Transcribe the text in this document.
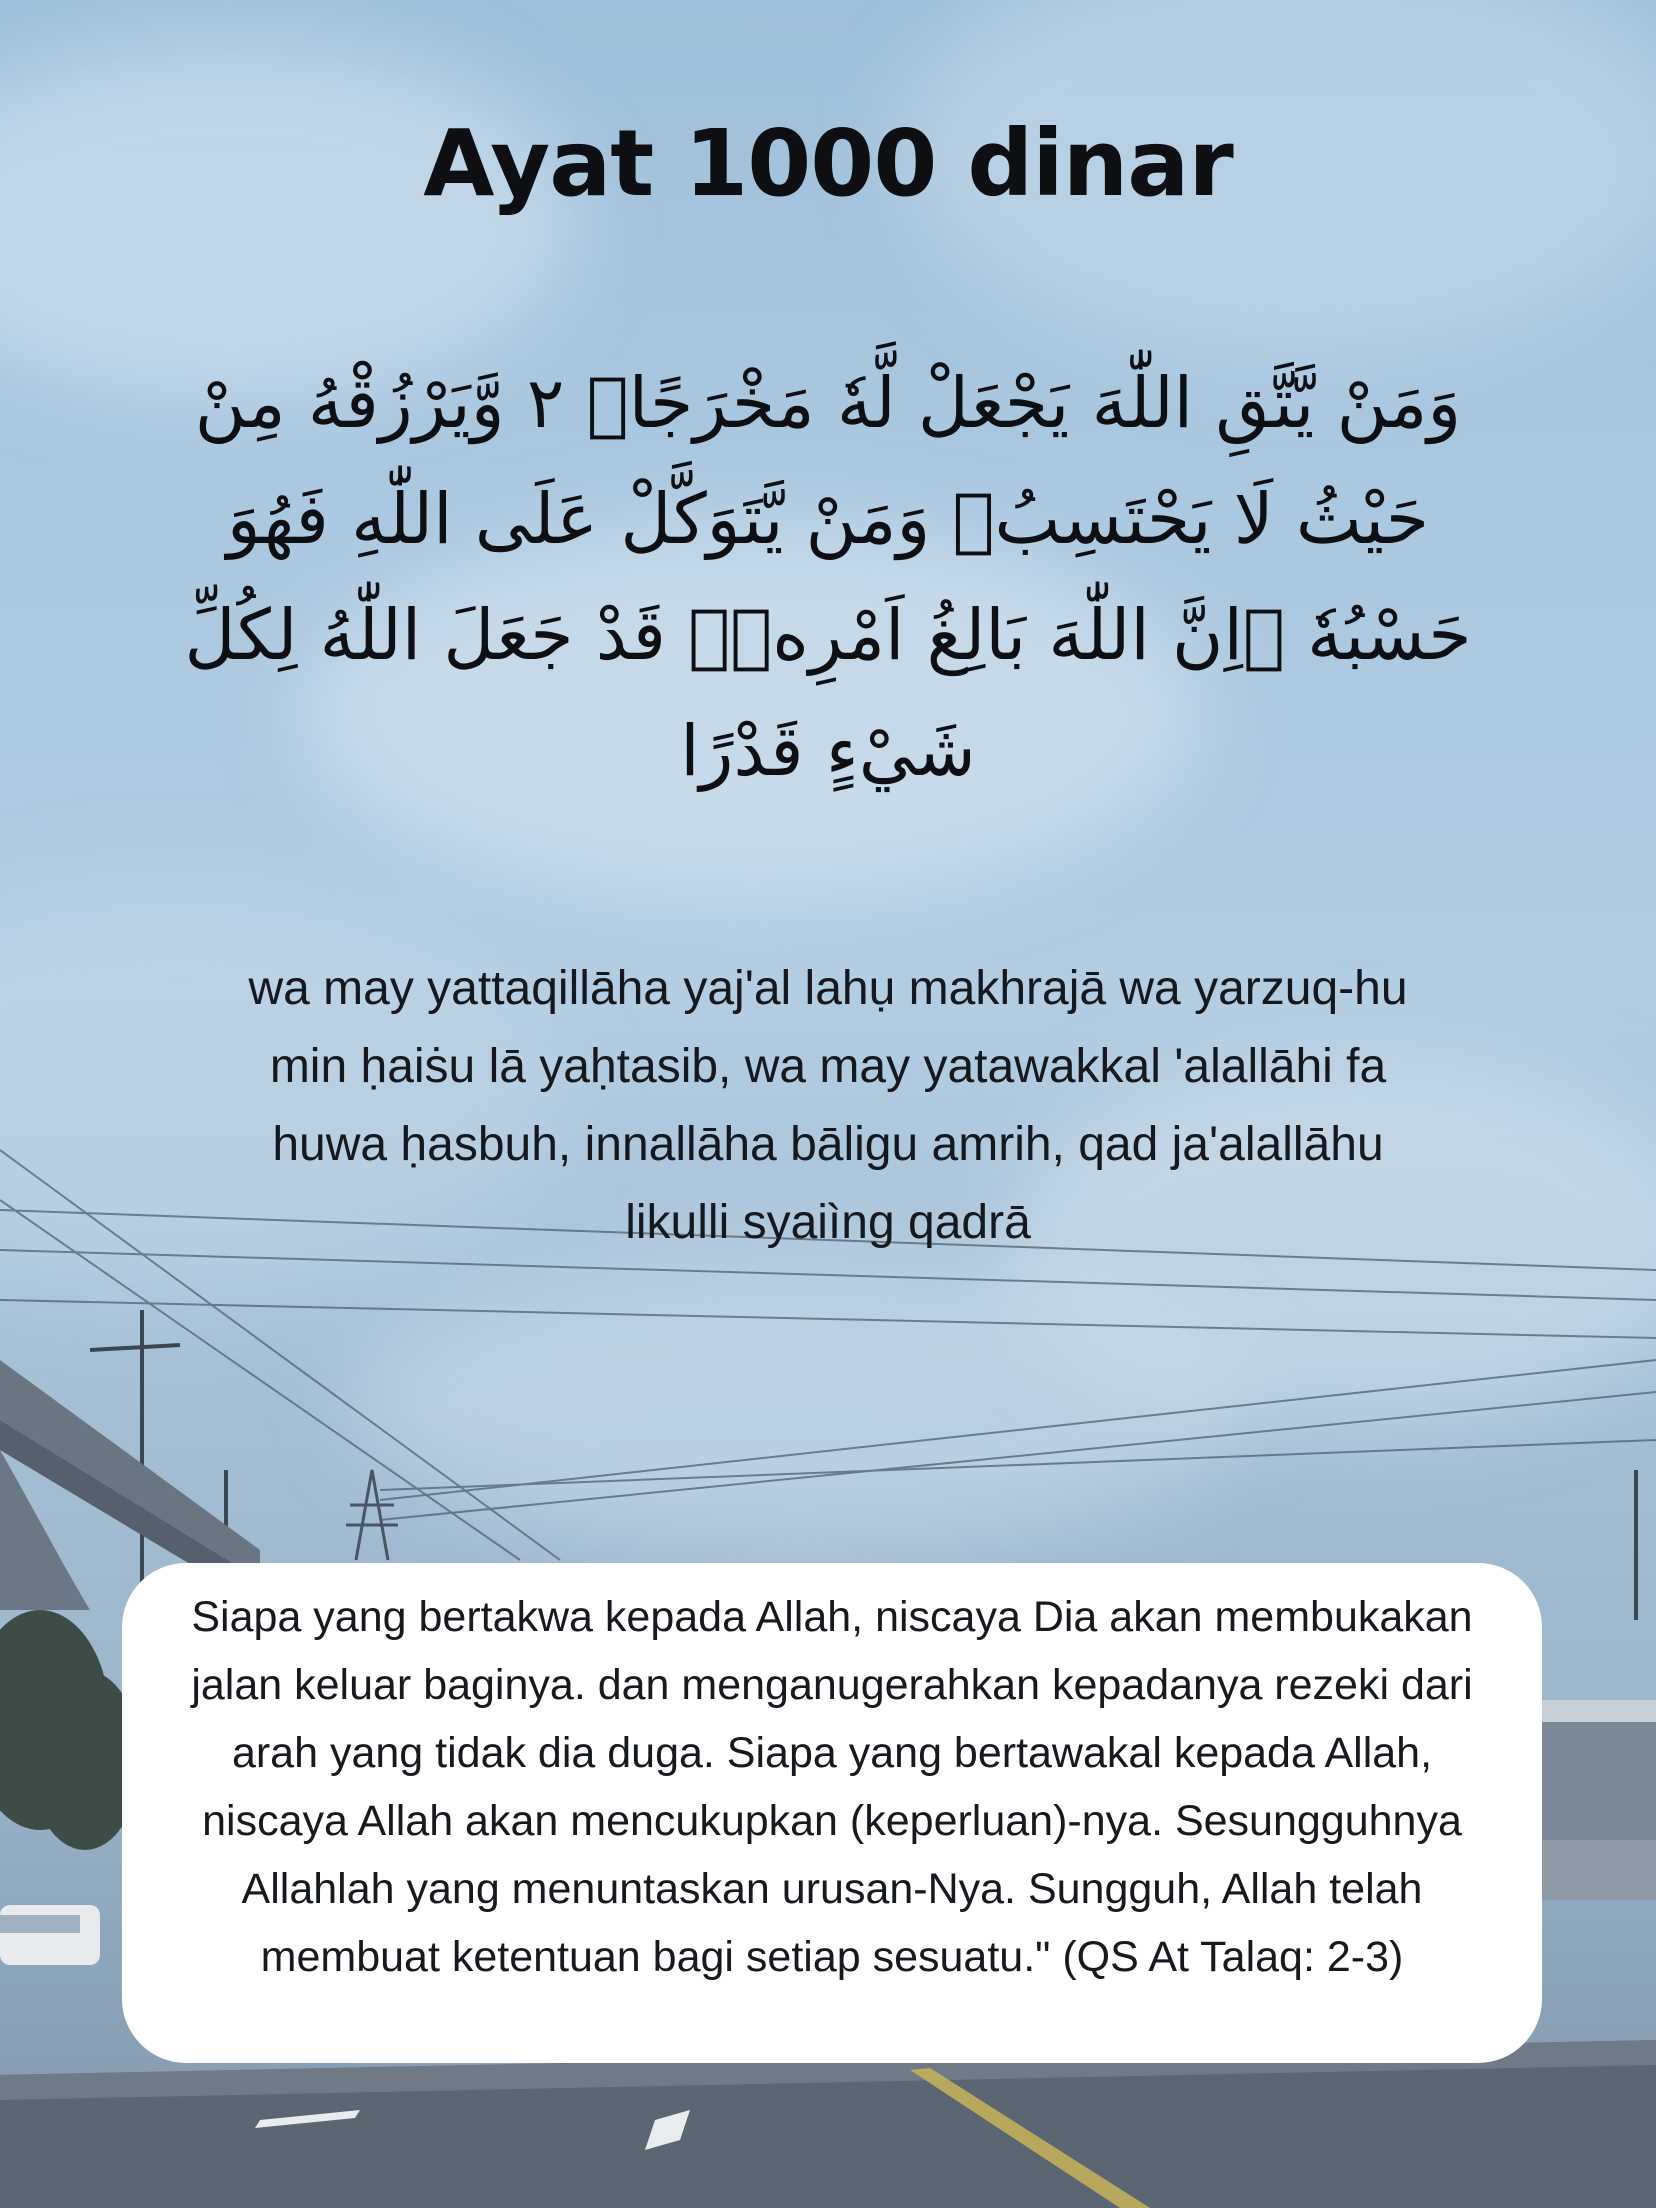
Ayat 1000 dinar
وَمَنْ يَّتَّقِ اللّٰهَ يَجْعَلْ لَّهٗ مَخْرَجًاۙ ٢ وَّيَرْزُقْهُ مِنْ حَيْثُ لَا يَحْتَسِبُۗ وَمَنْ يَّتَوَكَّلْ عَلَى اللّٰهِ فَهُوَ حَسْبُهٗ ۗاِنَّ اللّٰهَ بَالِغُ اَمْرِهٖۗ قَدْ جَعَلَ اللّٰهُ لِكُلِّ شَيْءٍ قَدْرًا
wa may yattaqillāha yaj'al lahụ makhrajā wa yarzuq-hu min ḥaiṡu lā yaḥtasib, wa may yatawakkal 'alallāhi fa huwa ḥasbuh, innallāha bāligu amrih, qad ja'alallāhu likulli syaiìng qadrā
Siapa yang bertakwa kepada Allah, niscaya Dia akan membukakan jalan keluar baginya. dan menganugerahkan kepadanya rezeki dari arah yang tidak dia duga. Siapa yang bertawakal kepada Allah, niscaya Allah akan mencukupkan (keperluan)-nya. Sesungguhnya Allahlah yang menuntaskan urusan-Nya. Sungguh, Allah telah membuat ketentuan bagi setiap sesuatu." (QS At Talaq: 2-3)
